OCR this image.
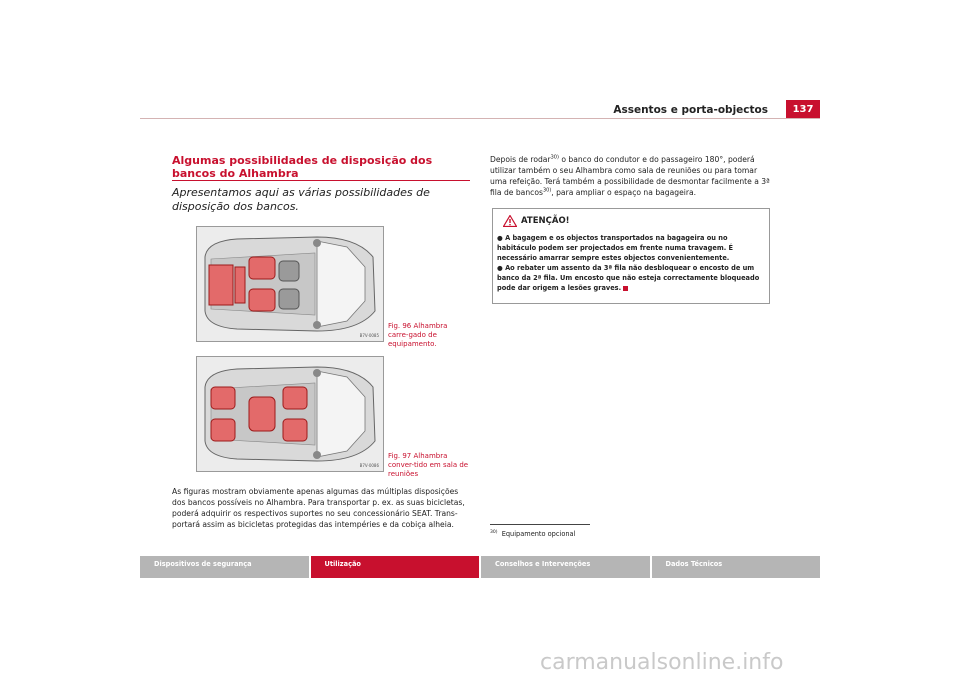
Assentos e porta-objectos	137
Algumas possibilidades de disposição dos bancos do Alhambra
Apresentamos aqui as várias possibilidades de disposição dos bancos.
B7V-0085
Fig. 96 Alhambra carre-gado de equipamento.
B7V-0086
Fig. 97 Alhambra conver-tido em sala de reuniões
As figuras mostram obviamente apenas algumas das múltiplas disposições dos bancos possíveis no Alhambra. Para transportar p. ex. as suas bicicletas, poderá adquirir os respectivos suportes no seu concessionário SEAT. Trans-portará assim as bicicletas protegidas das intempéries e da cobiça alheia.
Depois de rodar$^{30)}$ o banco do condutor e do passageiro 180°, poderá utilizar também o seu Alhambra como sala de reuniões ou para tomar uma refeição. Terá também a possibilidade de desmontar facilmente a 3ª fila de bancos$^{30)}$, para ampliar o espaço na bagageira.
ATENÇÃO!
● A bagagem e os objectos transportados na bagageira ou no habitáculo podem ser projectados em frente numa travagem. É necessário amarrar sempre estes objectos convenientemente.
● Ao rebater um assento da 3ª fila não desbloquear o encosto de um banco da 2ª fila. Um encosto que não esteja correctamente bloqueado pode dar origem a lesões graves.
$^{30)}$ Equipamento opcional
Dispositivos de segurança	Utilização	Conselhos e Intervenções	Dados Técnicos
carmanualsonline.info
